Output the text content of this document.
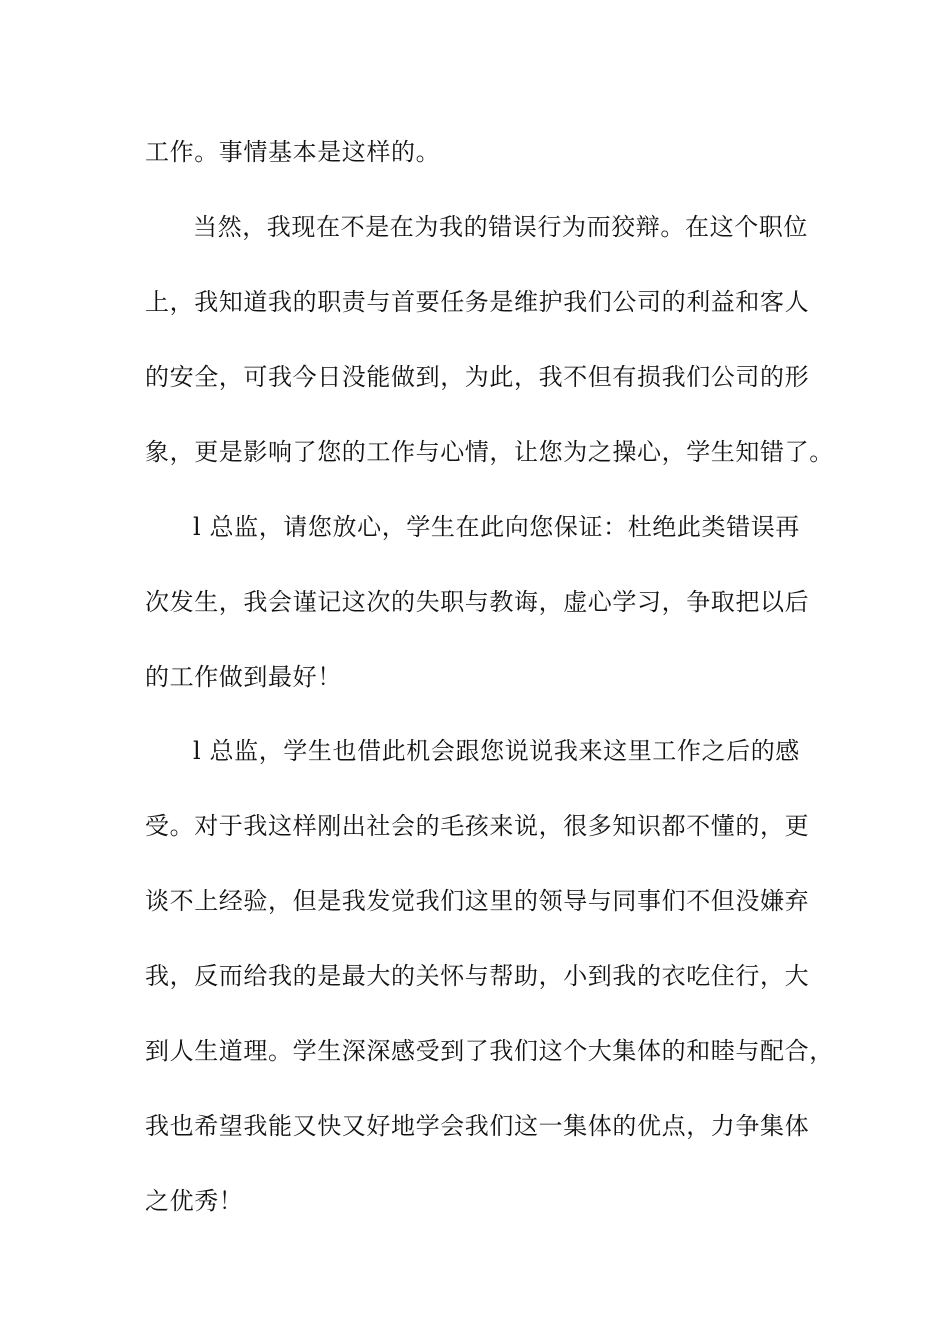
工作。事情基本是这样的。
当然，我现在不是在为我的错误行为而狡辩。在这个职位
上，我知道我的职责与首要任务是维护我们公司的利益和客人
的安全，可我今日没能做到，为此，我不但有损我们公司的形
象，更是影响了您的工作与心情，让您为之操心，学生知错了。
l 总监，请您放心，学生在此向您保证：杜绝此类错误再
次发生，我会谨记这次的失职与教诲，虚心学习，争取把以后
的工作做到最好！
l 总监，学生也借此机会跟您说说我来这里工作之后的感
受。对于我这样刚出社会的毛孩来说，很多知识都不懂的，更
谈不上经验，但是我发觉我们这里的领导与同事们不但没嫌弃
我，反而给我的是最大的关怀与帮助，小到我的衣吃住行，大
到人生道理。学生深深感受到了我们这个大集体的和睦与配合，
我也希望我能又快又好地学会我们这一集体的优点，力争集体
之优秀！
